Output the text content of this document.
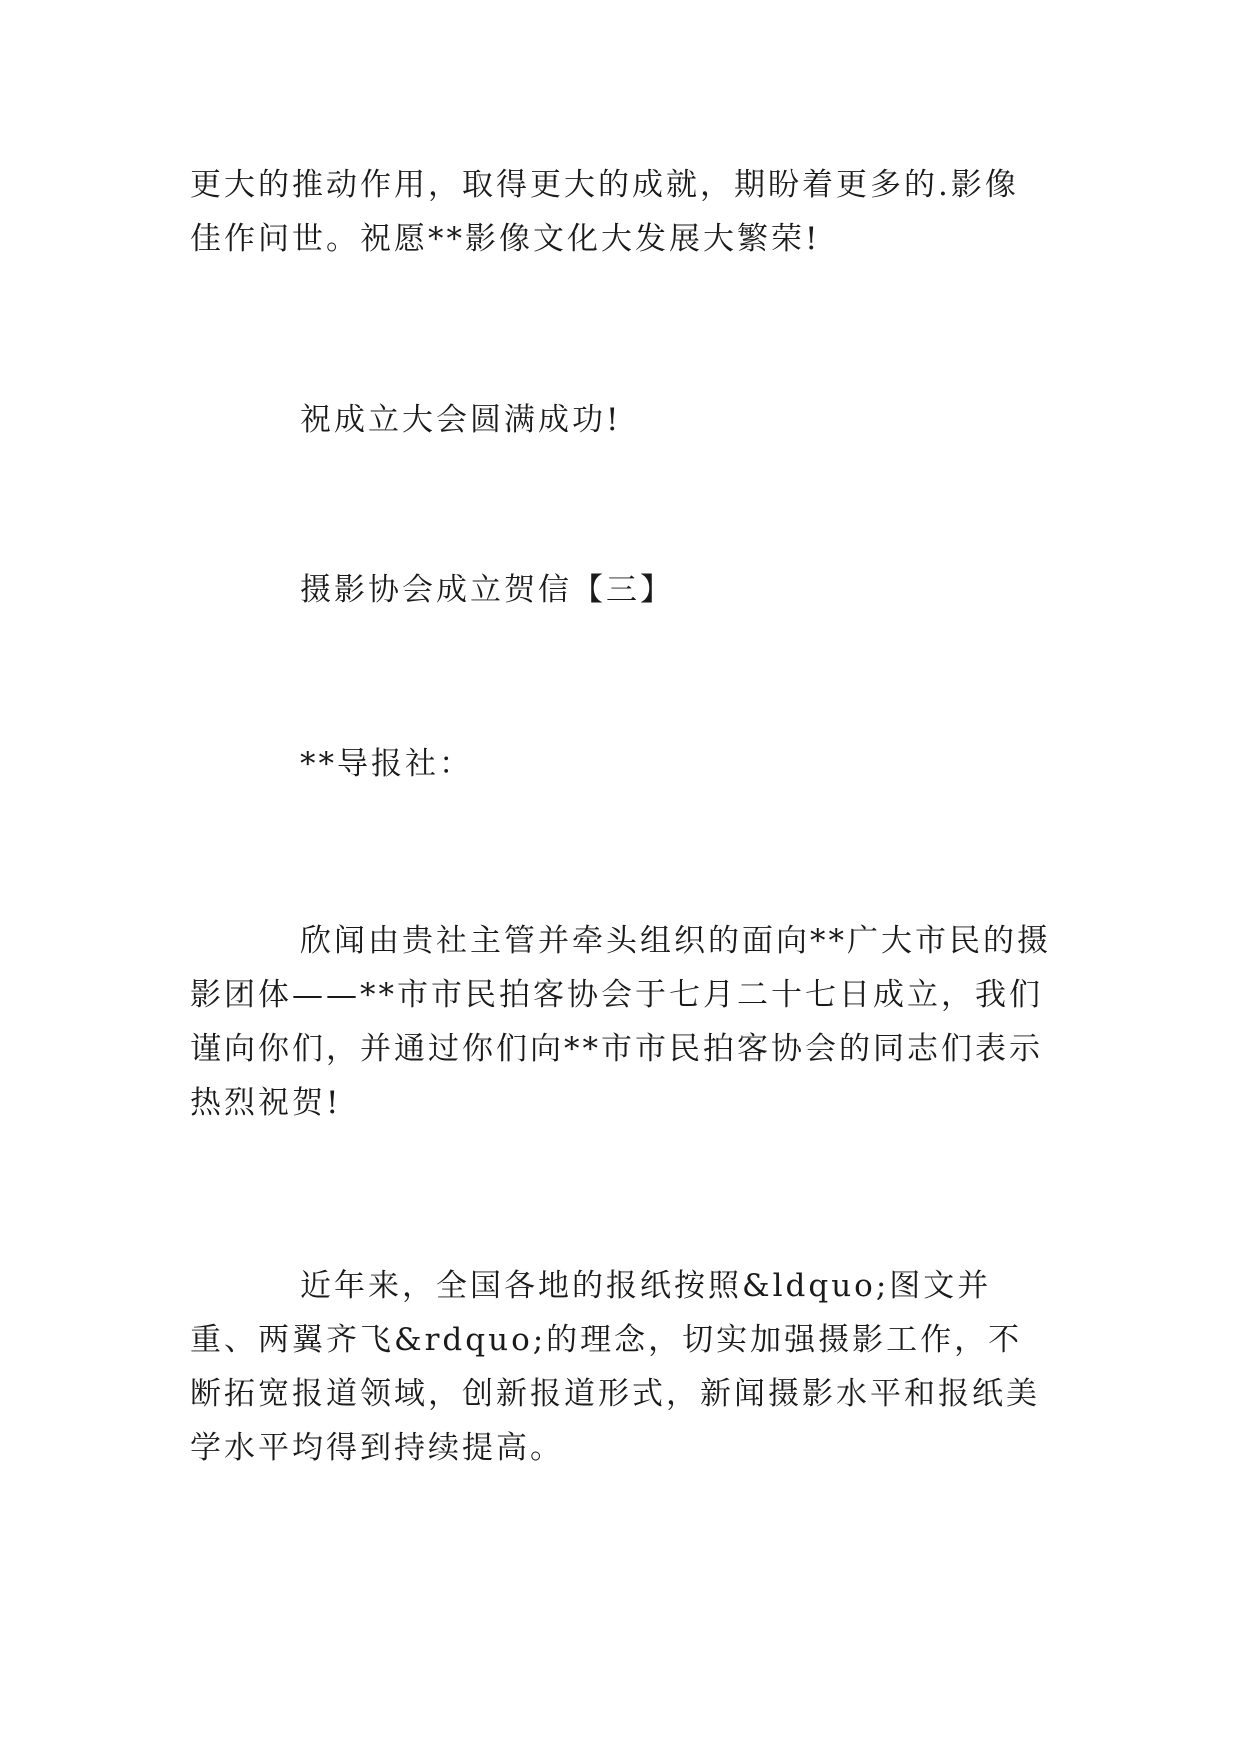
更大的推动作用，取得更大的成就，期盼着更多的.影像佳作问世。祝愿**影像文化大发展大繁荣!

祝成立大会圆满成功!

摄影协会成立贺信【三】

**导报社：

欣闻由贵社主管并牵头组织的面向**广大市民的摄影团体——**市市民拍客协会于七月二十七日成立，我们谨向你们，并通过你们向**市市民拍客协会的同志们表示热烈祝贺!

近年来，全国各地的报纸按照&ldquo;图文并重、两翼齐飞&rdquo;的理念，切实加强摄影工作，不断拓宽报道领域，创新报道形式，新闻摄影水平和报纸美学水平均得到持续提高。
